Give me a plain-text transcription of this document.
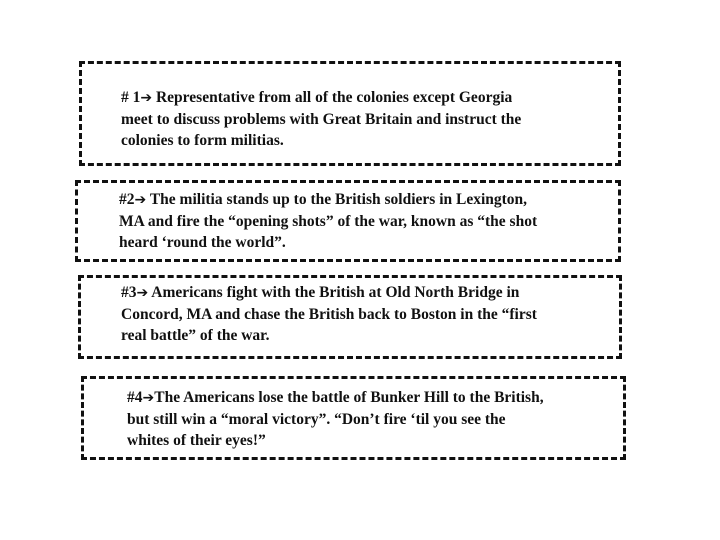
# 1➔ Representative from all of the colonies except Georgia
meet to discuss problems with Great Britain and instruct the
colonies to form militias.
#2➔ The militia stands up to the British soldiers in Lexington,
MA and fire the “opening shots” of the war, known as “the shot
heard ‘round the world”.
#3➔ Americans fight with the British at Old North Bridge in
Concord, MA and chase the British back to Boston in the “first
real battle” of the war.
#4➔The Americans lose the battle of Bunker Hill to the British,
but still win a “moral victory”. “Don’t fire ‘til you see the
whites of their eyes!”
